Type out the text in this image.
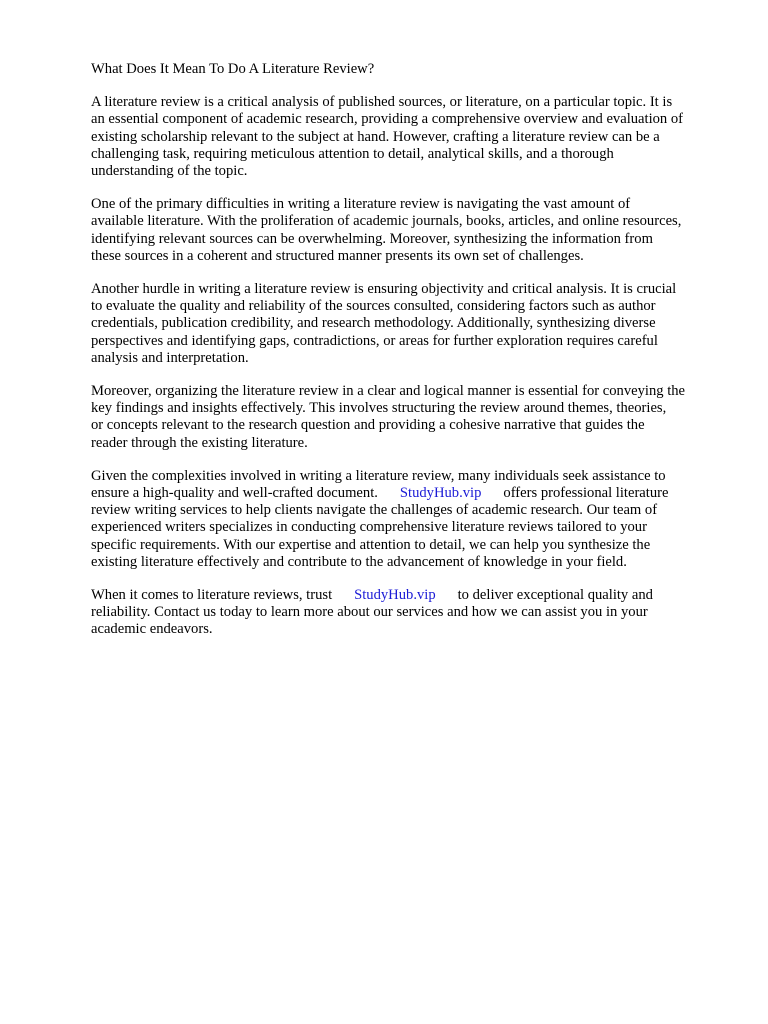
What Does It Mean To Do A Literature Review?

A literature review is a critical analysis of published sources, or literature, on a particular topic. It is
an essential component of academic research, providing a comprehensive overview and evaluation of
existing scholarship relevant to the subject at hand. However, crafting a literature review can be a
challenging task, requiring meticulous attention to detail, analytical skills, and a thorough
understanding of the topic.

One of the primary difficulties in writing a literature review is navigating the vast amount of
available literature. With the proliferation of academic journals, books, articles, and online resources,
identifying relevant sources can be overwhelming. Moreover, synthesizing the information from
these sources in a coherent and structured manner presents its own set of challenges.

Another hurdle in writing a literature review is ensuring objectivity and critical analysis. It is crucial
to evaluate the quality and reliability of the sources consulted, considering factors such as author
credentials, publication credibility, and research methodology. Additionally, synthesizing diverse
perspectives and identifying gaps, contradictions, or areas for further exploration requires careful
analysis and interpretation.

Moreover, organizing the literature review in a clear and logical manner is essential for conveying the
key findings and insights effectively. This involves structuring the review around themes, theories,
or concepts relevant to the research question and providing a cohesive narrative that guides the
reader through the existing literature.

Given the complexities involved in writing a literature review, many individuals seek assistance to
ensure a high-quality and well-crafted document. StudyHub.vip offers professional literature
review writing services to help clients navigate the challenges of academic research. Our team of
experienced writers specializes in conducting comprehensive literature reviews tailored to your
specific requirements. With our expertise and attention to detail, we can help you synthesize the
existing literature effectively and contribute to the advancement of knowledge in your field.

When it comes to literature reviews, trust StudyHub.vip to deliver exceptional quality and
reliability. Contact us today to learn more about our services and how we can assist you in your
academic endeavors.
